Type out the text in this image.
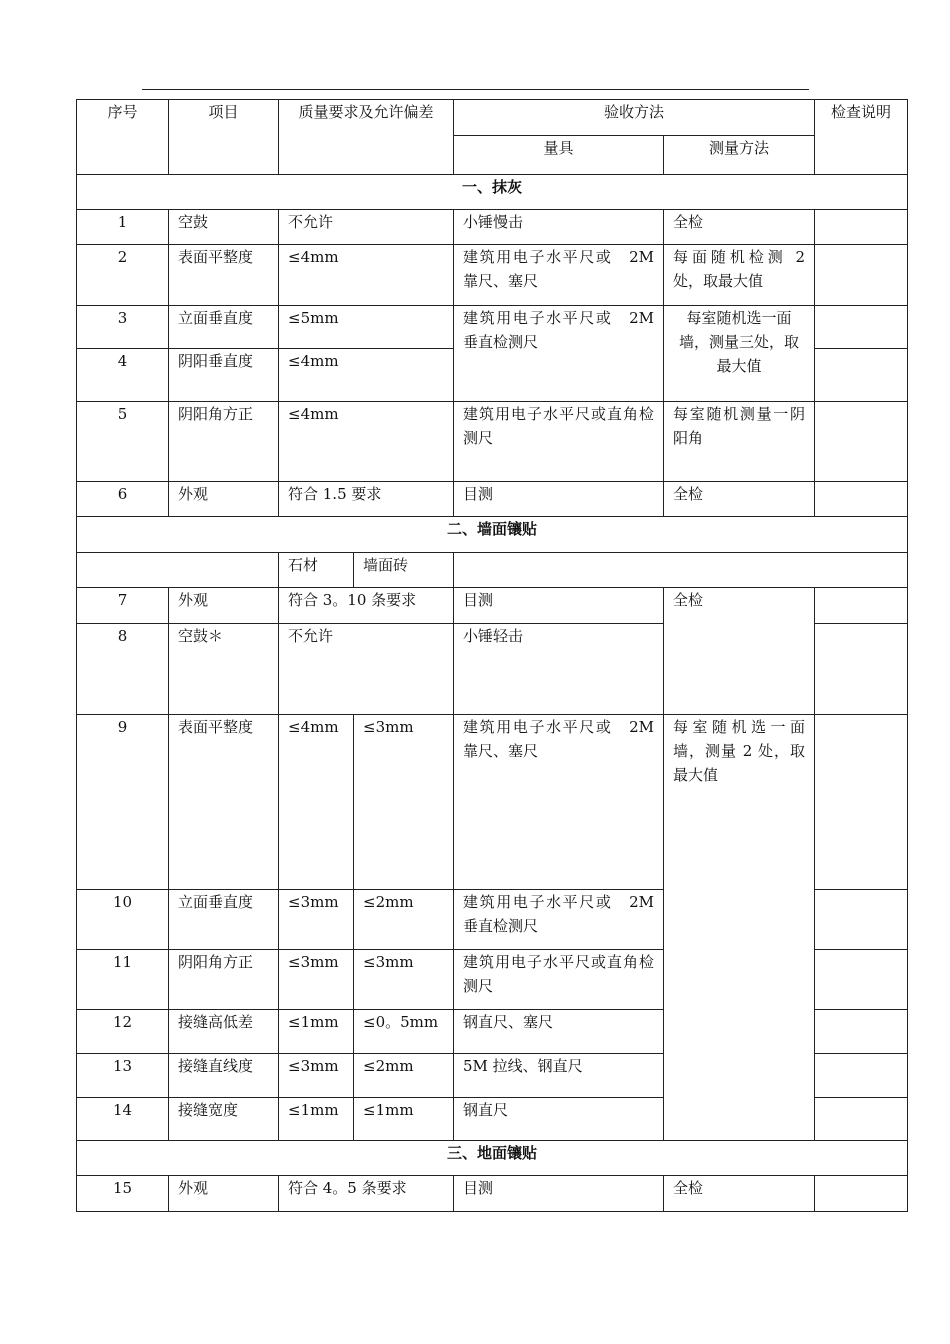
序号	项目	质量要求及允许偏差		验收方法		检查说明
				量具	测量方法	
一、抹灰						
1	空鼓	不允许		小锤慢击	全检	
2	表面平整度	≤4mm		建筑用电子水平尺或　2M 靠尺、塞尺	每面随机检测 2 处，取最大值	
3	立面垂直度	≤5mm		建筑用电子水平尺或　2M 垂直检测尺	每室随机选一面墙，测量三处，取最大值	
4	阴阳垂直度	≤4mm				
5	阴阳角方正	≤4mm		建筑用电子水平尺或直角检测尺	每室随机测量一阴阳角	
6	外观	符合 1.5 要求		目测	全检	
二、墙面镶贴						
		石材	墙面砖			
7	外观	符合 3。10 条要求		目测	全检	
8	空鼓＊	不允许		小锤轻击		
9	表面平整度	≤4mm	≤3mm	建筑用电子水平尺或　2M 靠尺、塞尺	每室随机选一面墙，测量 2 处，取最大值	
10	立面垂直度	≤3mm	≤2mm	建筑用电子水平尺或　2M 垂直检测尺		
11	阴阳角方正	≤3mm	≤3mm	建筑用电子水平尺或直角检测尺		
12	接缝高低差	≤1mm	≤0。5mm	钢直尺、塞尺		
13	接缝直线度	≤3mm	≤2mm	5M 拉线、钢直尺		
14	接缝宽度	≤1mm	≤1mm	钢直尺		
三、地面镶贴						
15	外观	符合 4。5 条要求		目测	全检	
